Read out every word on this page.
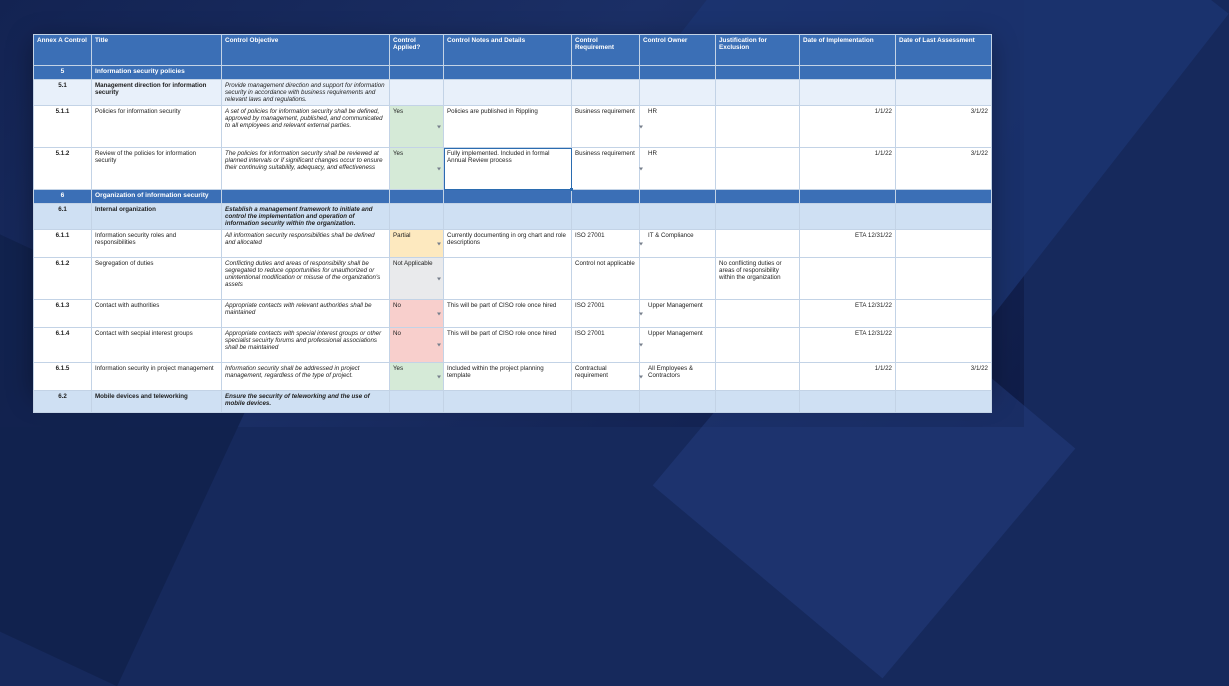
Annex A Control	Title	Control Objective	Control Applied?	Control Notes and Details	Control Requirement	Control Owner	Justification for Exclusion	Date of Implementation	Date of Last Assessment
5	Information security policies								
5.1	Management direction for information security	Provide management direction and support for information security in accordance with business requirements and relevant laws and regulations.							
5.1.1	Policies for information security	A set of policies for information security shall be defined, approved by management, published, and communicated to all employees and relevant external parties.	Yes	Policies are published in Rippling	Business requirement	HR		1/1/22	3/1/22
5.1.2	Review of the policies for information security	The policies for information security shall be reviewed at planned intervals or if significant changes occur to ensure their continuing suitability, adequacy, and effectiveness	Yes	Fully implemented. Included in formal Annual Review process	Business requirement	HR		1/1/22	3/1/22
6	Organization of information security								
6.1	Internal organization	Establish a management framework to initiate and control the implementation and operation of information security within the organization.							
6.1.1	Information security roles and responsibilities	All information security responsibilities shall be defined and allocated	Partial	Currently documenting in org chart and role descriptions	ISO 27001	IT & Compliance		ETA 12/31/22	
6.1.2	Segregation of duties	Conflicting duties and areas of responsibility shall be segregated to reduce opportunities for unauthorized or unintentional modification or misuse of the organization's assets	Not Applicable		Control not applicable		No conflicting duties or areas of responsibility within the organization		
6.1.3	Contact with authorities	Appropriate contacts with relevant authorities shall be maintained	No	This will be part of CISO role once hired	ISO 27001	Upper Management		ETA 12/31/22	
6.1.4	Contact with secpial interest groups	Appropriate contacts with special interest groups or other specialist secuirty forums and professional associations shall be maintained	No	This will be part of CISO role once hired	ISO 27001	Upper Management		ETA 12/31/22	
6.1.5	Information security in project management	Information security shall be addressed in project management, regardless of the type of project.	Yes	Included within the project planning template	Contractual requirement	All Employees & Contractors		1/1/22	3/1/22
6.2	Mobile devices and teleworking	Ensure the security of teleworking and the use of mobile devices.							
